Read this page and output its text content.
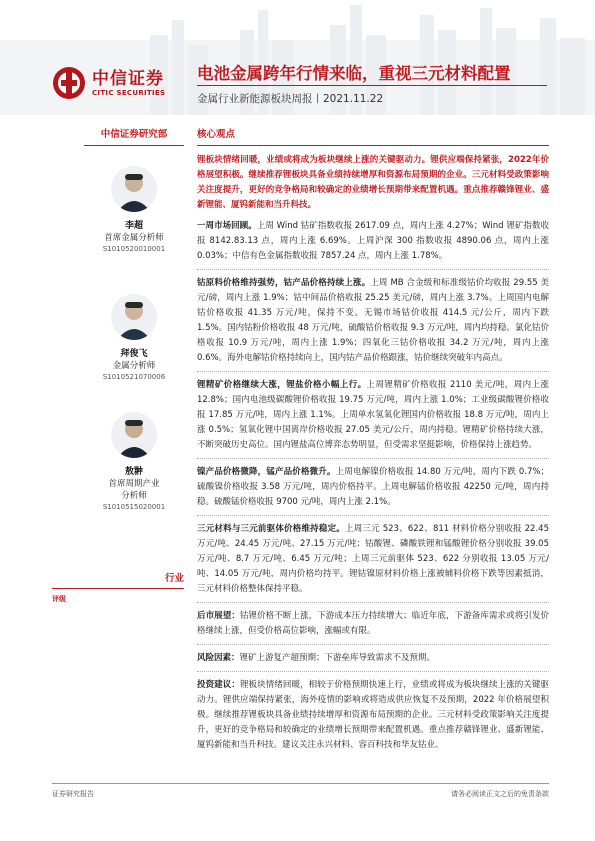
中信证券
CITIC SECURITIES
电池金属跨年行情来临，重视三元材料配置
金属行业新能源板块周报丨2021.11.22
中信证券研究部
李超
首席金属分析师
S1010520010001
拜俊飞
金属分析师
S1010521070006
敖翀
首席周期产业
分析师
S1010515020001
行业
评级
核心观点
锂板块情绪回暖，业绩或将成为板块继续上涨的关键驱动力。锂供应端保持紧张，2022年价格展望积极。继续推荐锂板块具备业绩持续增厚和资源布局预期的企业。三元材料受政策影响关注度提升，更好的竞争格局和较确定的业绩增长预期带来配置机遇。重点推荐赣锋锂业、盛新锂能、厦钨新能和当升科技。
一周市场回顾。上周 Wind 钴矿指数收报 2617.09 点，周内上涨 4.27%；Wind 锂矿指数收报 8142.83.13 点，周内上涨 6.69%。上周沪深 300 指数收报 4890.06 点，周内上涨 0.03%；中信有色金属指数收报 7857.24 点，周内上涨 1.78%。
钴原料价格维持强势，钴产品价格持续上涨。上周 MB 合金级和标准级钴价均收报 29.55 美元/磅，周内上涨 1.9%；钴中间品价格收报 25.25 美元/磅，周内上涨 3.7%。上周国内电解钴价格收报 41.35 万元/吨，保持不变。无锡市场钴价收报 414.5 元/公斤，周内下跌 1.5%。国内钴粉价格收报 48 万元/吨，硫酸钴价格收报 9.3 万元/吨，周内均持稳。氯化钴价格收报 10.9 万元/吨，周内上涨 1.9%；四氧化三钴价格收报 34.2 万元/吨，周内上涨 0.6%。海外电解钴价格持续向上，国内钴产品价格跟涨，钴价继续突破年内高点。
锂精矿价格继续大涨，锂盐价格小幅上行。上周锂精矿价格收报 2110 美元/吨，周内上涨 12.8%；国内电池级碳酸锂价格收报 19.75 万元/吨，周内上涨 1.0%；工业级碳酸锂价格收报 17.85 万元/吨，周内上涨 1.1%。上周单水氢氧化锂国内价格收报 18.8 万元/吨，周内上涨 0.5%；氢氧化锂中国离岸价格收报 27.05 美元/公斤，周内持稳。锂精矿价格持续大涨，不断突破历史高位。国内锂盐高位博弈态势明显，但受需求坚挺影响，价格保持上涨趋势。
镍产品价格微降，锰产品价格微升。上周电解镍价格收报 14.80 万元/吨，周内下跌 0.7%；硫酸镍价格收报 3.58 万元/吨，周内价格持平。上周电解锰价格收报 42250 元/吨，周内持稳。硫酸锰价格收报 9700 元/吨，周内上涨 2.1%。
三元材料与三元前驱体价格维持稳定。上周三元 523、622、811 材料价格分别收报 22.45 万元/吨、24.45 万元/吨、27.15 万元/吨；钴酸锂、磷酸铁锂和锰酸锂价格分别收报 39.05 万元/吨、8.7 万元/吨、6.45 万元/吨；上周三元前驱体 523、622 分别收报 13.05 万元/吨、14.05 万元/吨，周内价格均持平。锂钴镍原材料价格上涨被辅料价格下跌等因素抵消，三元材料价格整体保持平稳。
后市展望：钴锂价格不断上涨，下游成本压力持续增大；临近年底，下游备库需求或将引发价格继续上涨，但受价格高位影响，涨幅或有限。
风险因素：锂矿上游复产超预期；下游垒库导致需求不及预期。
投资建议：锂板块情绪回暖，相较于价格预期快速上行，业绩或将成为板块继续上涨的关键驱动力。锂供应端保持紧张，海外疫情的影响或将造成供应恢复不及预期，2022 年价格展望积极。继续推荐锂板块具备业绩持续增厚和资源布局预期的企业。三元材料受政策影响关注度提升，更好的竞争格局和较确定的业绩增长预期带来配置机遇。重点推荐赣锋锂业、盛新锂能、厦钨新能和当升科技。建议关注永兴材料、容百科技和华友钴业。
证券研究报告	请务必阅读正文之后的免责条款
